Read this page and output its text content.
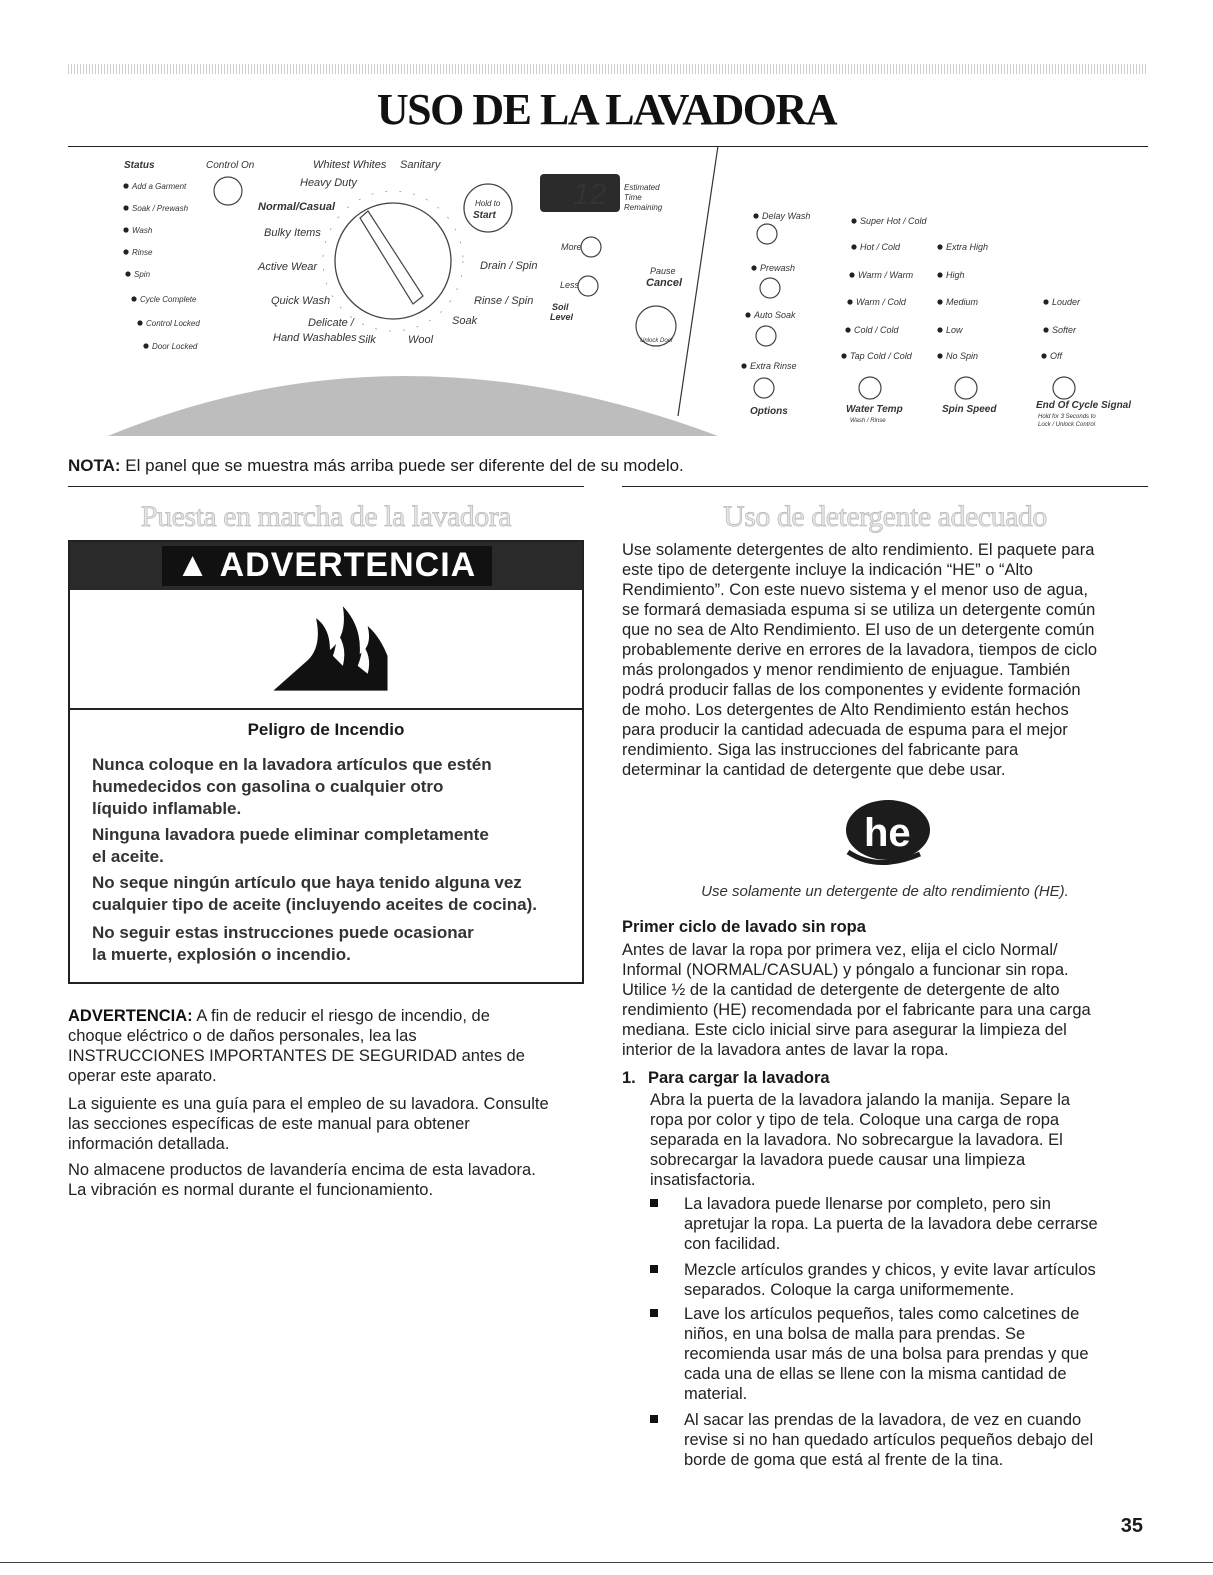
USO DE LA LAVADORA
Status
Add a Garment
Soak / Prewash
Wash
Rinse
Spin
Cycle Complete
Control Locked
Door Locked
Control On	Whitest Whites Sanitary
Heavy Duty
Normal/Casual
Bulky Items
Active Wear
Quick Wash
Delicate /
Hand Washables Silk	Wool
Soak
Rinse / Spin
Drain / Spin
Hold to
Start
12 Estimated
Time
Remaining
More
Less
Soil
Level
Pause
Cancel
Unlock Door
Delay Wash
Prewash
Auto Soak
Extra Rinse
Options
Super Hot / Cold
Hot / Cold
Warm / Warm
Warm / Cold
Cold / Cold
Tap Cold / Cold
Water Temp
Wash / Rinse
Extra High
High
Medium
Low
No Spin
Spin Speed
Louder
Softer
Off
End Of Cycle Signal
Hold for 3 Seconds to
Lock / Unlock Control
NOTA: El panel que se muestra más arriba puede ser diferente del de su modelo.
Puesta en marcha de la lavadora
▲ ADVERTENCIA
Peligro de Incendio
Nunca coloque en la lavadora artículos que estén
humedecidos con gasolina o cualquier otro
líquido inflamable.
Ninguna lavadora puede eliminar completamente
el aceite.
No seque ningún artículo que haya tenido alguna vez
cualquier tipo de aceite (incluyendo aceites de cocina).
No seguir estas instrucciones puede ocasionar
la muerte, explosión o incendio.
ADVERTENCIA: A fin de reducir el riesgo de incendio, de
choque eléctrico o de daños personales, lea las
INSTRUCCIONES IMPORTANTES DE SEGURIDAD antes de
operar este aparato.
La siguiente es una guía para el empleo de su lavadora. Consulte
las secciones específicas de este manual para obtener
información detallada.
No almacene productos de lavandería encima de esta lavadora.
La vibración es normal durante el funcionamiento.
Uso de detergente adecuado
Use solamente detergentes de alto rendimiento. El paquete para
este tipo de detergente incluye la indicación “HE” o “Alto
Rendimiento”. Con este nuevo sistema y el menor uso de agua,
se formará demasiada espuma si se utiliza un detergente común
que no sea de Alto Rendimiento. El uso de un detergente común
probablemente derive en errores de la lavadora, tiempos de ciclo
más prolongados y menor rendimiento de enjuague. También
podrá producir fallas de los componentes y evidente formación
de moho. Los detergentes de Alto Rendimiento están hechos
para producir la cantidad adecuada de espuma para el mejor
rendimiento. Siga las instrucciones del fabricante para
determinar la cantidad de detergente que debe usar.
he
Use solamente un detergente de alto rendimiento (HE).
Primer ciclo de lavado sin ropa
Antes de lavar la ropa por primera vez, elija el ciclo Normal/
Informal (NORMAL/CASUAL) y póngalo a funcionar sin ropa.
Utilice ½ de la cantidad de detergente de detergente de alto
rendimiento (HE) recomendada por el fabricante para una carga
mediana. Este ciclo inicial sirve para asegurar la limpieza del
interior de la lavadora antes de lavar la ropa.
1. Para cargar la lavadora
Abra la puerta de la lavadora jalando la manija. Separe la
ropa por color y tipo de tela. Coloque una carga de ropa
separada en la lavadora. No sobrecargue la lavadora. El
sobrecargar la lavadora puede causar una limpieza
insatisfactoria.
La lavadora puede llenarse por completo, pero sin
apretujar la ropa. La puerta de la lavadora debe cerrarse
con facilidad.
Mezcle artículos grandes y chicos, y evite lavar artículos
separados. Coloque la carga uniformemente.
Lave los artículos pequeños, tales como calcetines de
niños, en una bolsa de malla para prendas. Se
recomienda usar más de una bolsa para prendas y que
cada una de ellas se llene con la misma cantidad de
material.
Al sacar las prendas de la lavadora, de vez en cuando
revise si no han quedado artículos pequeños debajo del
borde de goma que está al frente de la tina.
35
